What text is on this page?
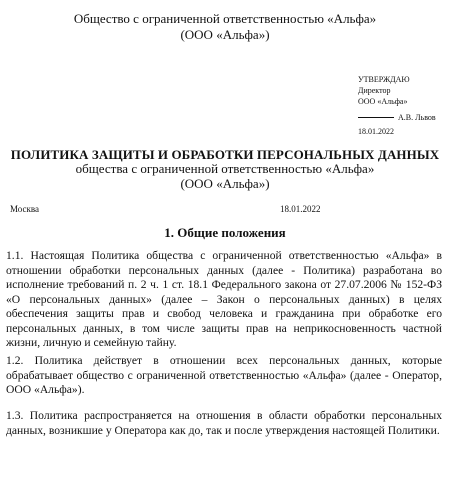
Общество с ограниченной ответственностью «Альфа»
(ООО «Альфа»)
УТВЕРЖДАЮ
Директор
ООО «Альфа»
А.В. Львов
18.01.2022
ПОЛИТИКА ЗАЩИТЫ И ОБРАБОТКИ ПЕРСОНАЛЬНЫХ ДАННЫХ
общества с ограниченной ответственностью «Альфа»
(ООО «Альфа»)
Москва	18.01.2022
1. Общие положения
1.1. Настоящая Политика общества с ограниченной ответственностью «Альфа» в отношении обработки персональных данных (далее - Политика) разработана во исполнение требований п. 2 ч. 1 ст. 18.1 Федерального закона от 27.07.2006 № 152-ФЗ «О персональных данных» (далее – Закон о персональных данных) в целях обеспечения защиты прав и свобод человека и гражданина при обработке его персональных данных, в том числе защиты прав на неприкосновенность частной жизни, личную и семейную тайну.
1.2. Политика действует в отношении всех персональных данных, которые обрабатывает общество с ограниченной ответственностью «Альфа» (далее - Оператор, ООО «Альфа»).
1.3. Политика распространяется на отношения в области обработки персональных данных, возникшие у Оператора как до, так и после утверждения настоящей Политики.
